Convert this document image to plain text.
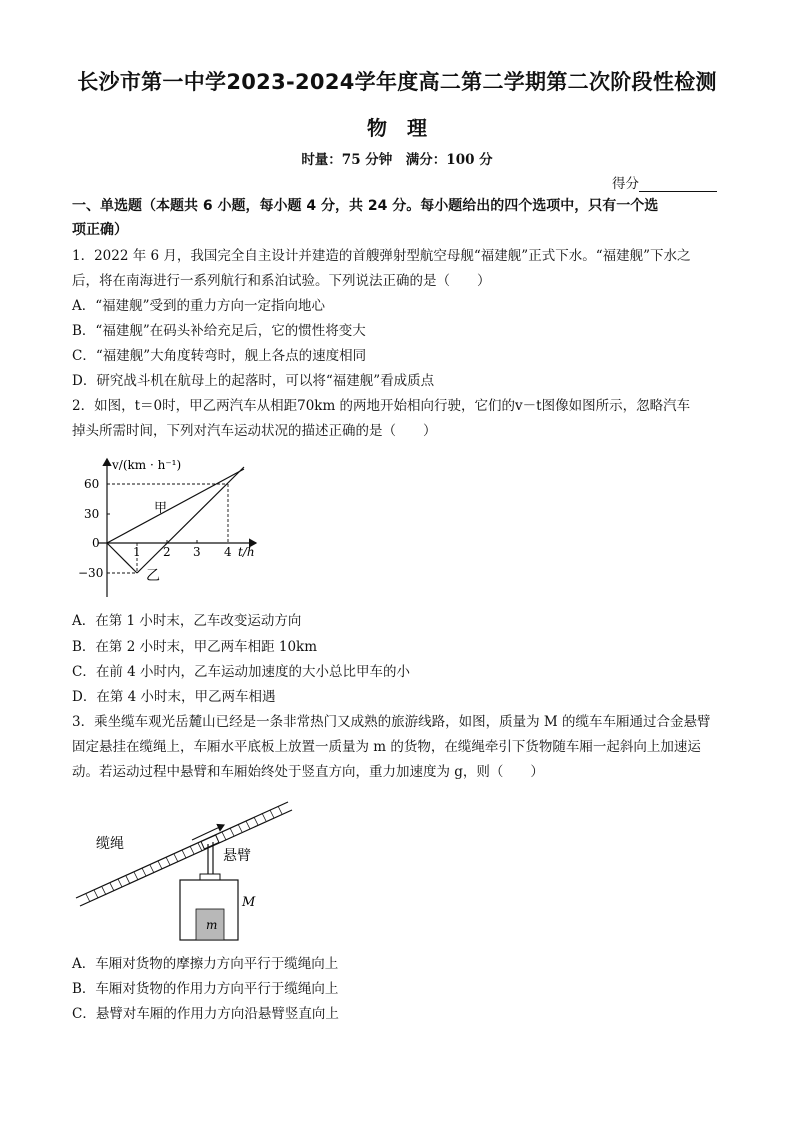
长沙市第一中学2023-2024学年度高二第二学期第二次阶段性检测
物　理
时量：75 分钟　满分：100 分
得分
一、单选题（本题共 6 小题，每小题 4 分，共 24 分。每小题给出的四个选项中，只有一个选
项正确）
1．2022 年 6 月，我国完全自主设计并建造的首艘弹射型航空母舰“福建舰”正式下水。“福建舰”下水之
后，将在南海进行一系列航行和系泊试验。下列说法正确的是（　　）
A．“福建舰”受到的重力方向一定指向地心
B．“福建舰”在码头补给充足后，它的惯性将变大
C．“福建舰”大角度转弯时，舰上各点的速度相同
D．研究战斗机在航母上的起落时，可以将“福建舰”看成质点
2．如图，t＝0时，甲乙两汽车从相距70km 的两地开始相向行驶，它们的v－t图像如图所示，忽略汽车
掉头所需时间，下列对汽车运动状况的描述正确的是（　　）
v/(km · h⁻¹)
60
30
0
−30
1 2 3 4 t/h
甲
乙
A．在第 1 小时末，乙车改变运动方向
B．在第 2 小时末，甲乙两车相距 10km
C．在前 4 小时内，乙车运动加速度的大小总比甲车的小
D．在第 4 小时末，甲乙两车相遇
3．乘坐缆车观光岳麓山已经是一条非常热门又成熟的旅游线路，如图，质量为 M 的缆车车厢通过合金悬臂
固定悬挂在缆绳上，车厢水平底板上放置一质量为 m 的货物，在缆绳牵引下货物随车厢一起斜向上加速运
动。若运动过程中悬臂和车厢始终处于竖直方向，重力加速度为 g，则（　　）
缆绳
悬臂
M
m
A．车厢对货物的摩擦力方向平行于缆绳向上
B．车厢对货物的作用力方向平行于缆绳向上
C．悬臂对车厢的作用力方向沿悬臂竖直向上
